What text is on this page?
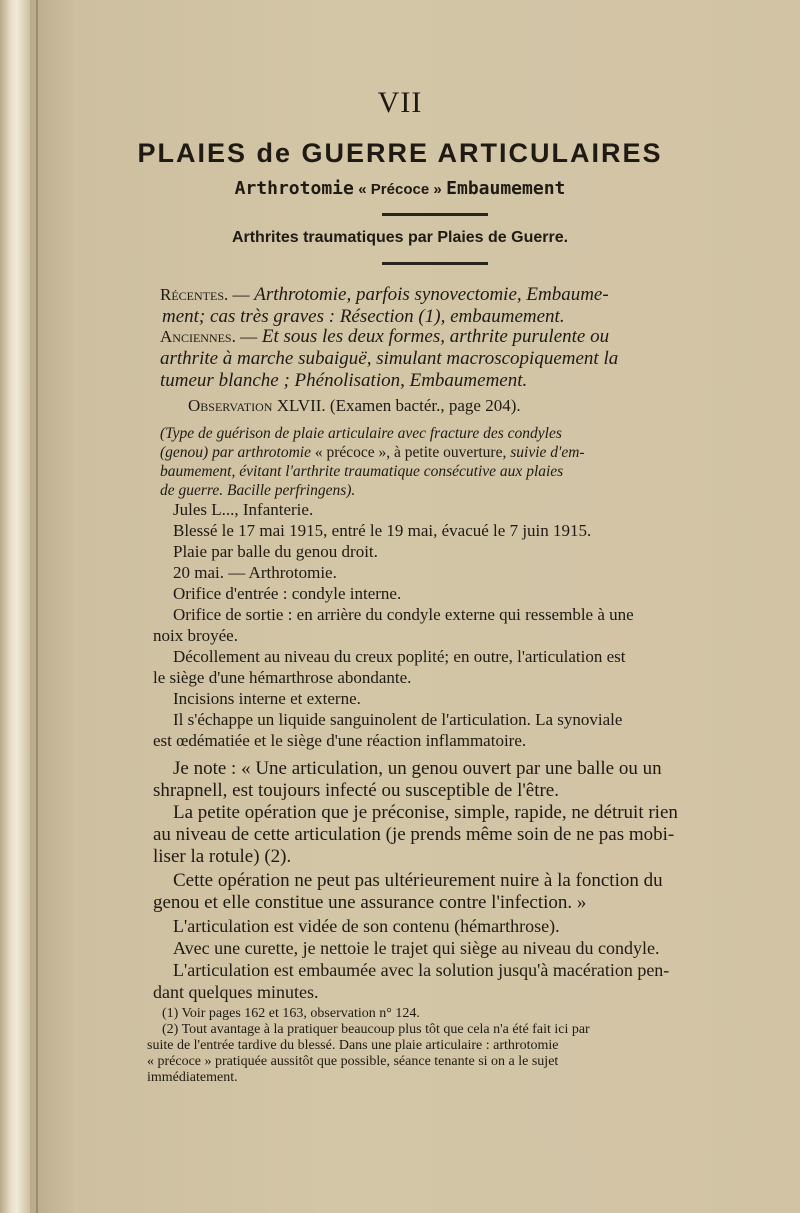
VII
PLAIES de GUERRE ARTICULAIRES
Arthrotomie « Précoce » Embaumement
Arthrites traumatiques par Plaies de Guerre.
Récentes. — Arthrotomie, parfois synovectomie, Embaume-
ment; cas très graves : Résection (1), embaumement.
Anciennes. — Et sous les deux formes, arthrite purulente ou
arthrite à marche subaiguë, simulant macroscopiquement la
tumeur blanche ; Phénolisation, Embaumement.
Observation XLVII. (Examen bactér., page 204).
(Type de guérison de plaie articulaire avec fracture des condyles
(genou) par arthrotomie « précoce », à petite ouverture, suivie d'em-
baumement, évitant l'arthrite traumatique consécutive aux plaies
de guerre. Bacille perfringens).
Jules L..., Infanterie.
Blessé le 17 mai 1915, entré le 19 mai, évacué le 7 juin 1915.
Plaie par balle du genou droit.
20 mai. — Arthrotomie.
Orifice d'entrée : condyle interne.
Orifice de sortie : en arrière du condyle externe qui ressemble à une
noix broyée.
Décollement au niveau du creux poplité; en outre, l'articulation est
le siège d'une hémarthrose abondante.
Incisions interne et externe.
Il s'échappe un liquide sanguinolent de l'articulation. La synoviale
est œdématiée et le siège d'une réaction inflammatoire.
Je note : « Une articulation, un genou ouvert par une balle ou un
shrapnell, est toujours infecté ou susceptible de l'être.
La petite opération que je préconise, simple, rapide, ne détruit rien
au niveau de cette articulation (je prends même soin de ne pas mobi-
liser la rotule) (2).
Cette opération ne peut pas ultérieurement nuire à la fonction du
genou et elle constitue une assurance contre l'infection. »
L'articulation est vidée de son contenu (hémarthrose).
Avec une curette, je nettoie le trajet qui siège au niveau du condyle.
L'articulation est embaumée avec la solution jusqu'à macération pen-
dant quelques minutes.
(1) Voir pages 162 et 163, observation n° 124.
(2) Tout avantage à la pratiquer beaucoup plus tôt que cela n'a été fait ici par
suite de l'entrée tardive du blessé. Dans une plaie articulaire : arthrotomie
« précoce » pratiquée aussitôt que possible, séance tenante si on a le sujet
immédiatement.
